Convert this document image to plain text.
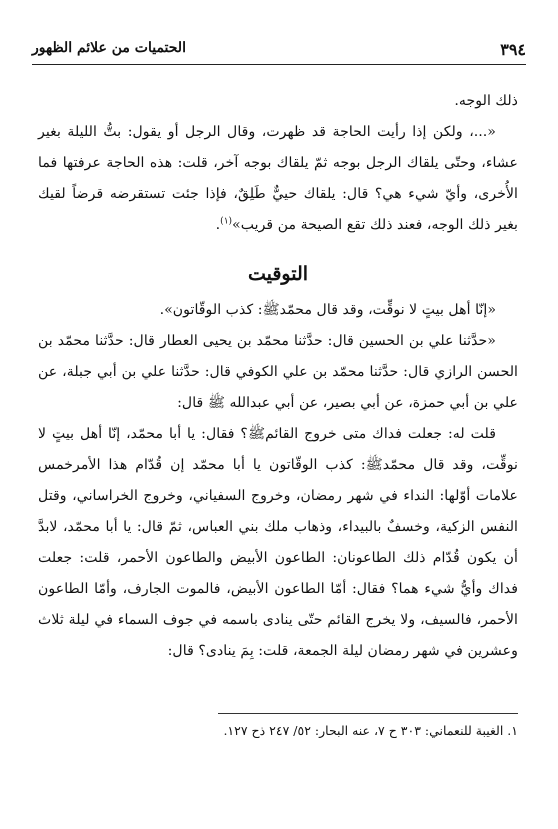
٣٩٤
الحتميات من علائم الظهور

ذلك الوجه.

«...، ولكن إذا رأيت الحاجة قد ظهرت، وقال الرجل أو يقول: بتُّ الليلة بغير عشاء، وحتّى يلقاك الرجل بوجه ثمّ يلقاك بوجه آخر، قلت: هذه الحاجة عرفتها فما الأُخرى، وأيّ شيء هي؟ قال: يلقاك حييٌّ طَلِقٌ، فإذا جئت تستقرضه قرضاً لقيك بغير ذلك الوجه، فعند ذلك تقع الصيحة من قريب»$^{(١)}$.

التوقيت

«إنّا أهل بيتٍ لا نوقِّت، وقد قال محمّدﷺ: كذب الوقّاتون».

«حدَّثنا علي بن الحسين قال: حدَّثنا محمّد بن يحيى العطار قال: حدَّثنا محمّد بن الحسن الرازي قال: حدَّثنا محمّد بن علي الكوفي قال: حدَّثنا علي بن أبي جبلة، عن علي بن أبي حمزة، عن أبي بصير، عن أبي عبدالله ﷺ قال:

قلت له: جعلت فداك متى خروج القائمﷺ؟ فقال: يا أبا محمّد، إنّا أهل بيتٍ لا نوقِّت، وقد قال محمّدﷺ: كذب الوقّاتون يا أبا محمّد إن قُدّام هذا الأمرخمس علامات أوّلها: النداء في شهر رمضان، وخروج السفياني، وخروج الخراساني، وقتل النفس الزكية، وخسفٌ بالبيداء، وذهاب ملك بني العباس، ثمّ قال: يا أبا محمّد، لابدَّ أن يكون قُدّام ذلك الطاعونان: الطاعون الأبيض والطاعون الأحمر، قلت: جعلت فداك وأيُّ شيء هما؟ فقال: أمّا الطاعون الأبيض، فالموت الجارف، وأمّا الطاعون الأحمر، فالسيف، ولا يخرج القائم حتّى ينادى باسمه في جوف السماء في ليلة ثلاث وعشرين في شهر رمضان ليلة الجمعة، قلت: بِمَ ينادى؟ قال:

١. الغيبة للنعماني: ٣٠٣ ح ٧، عنه البحار: ٥٢/ ٢٤٧ ذح ١٢٧.
